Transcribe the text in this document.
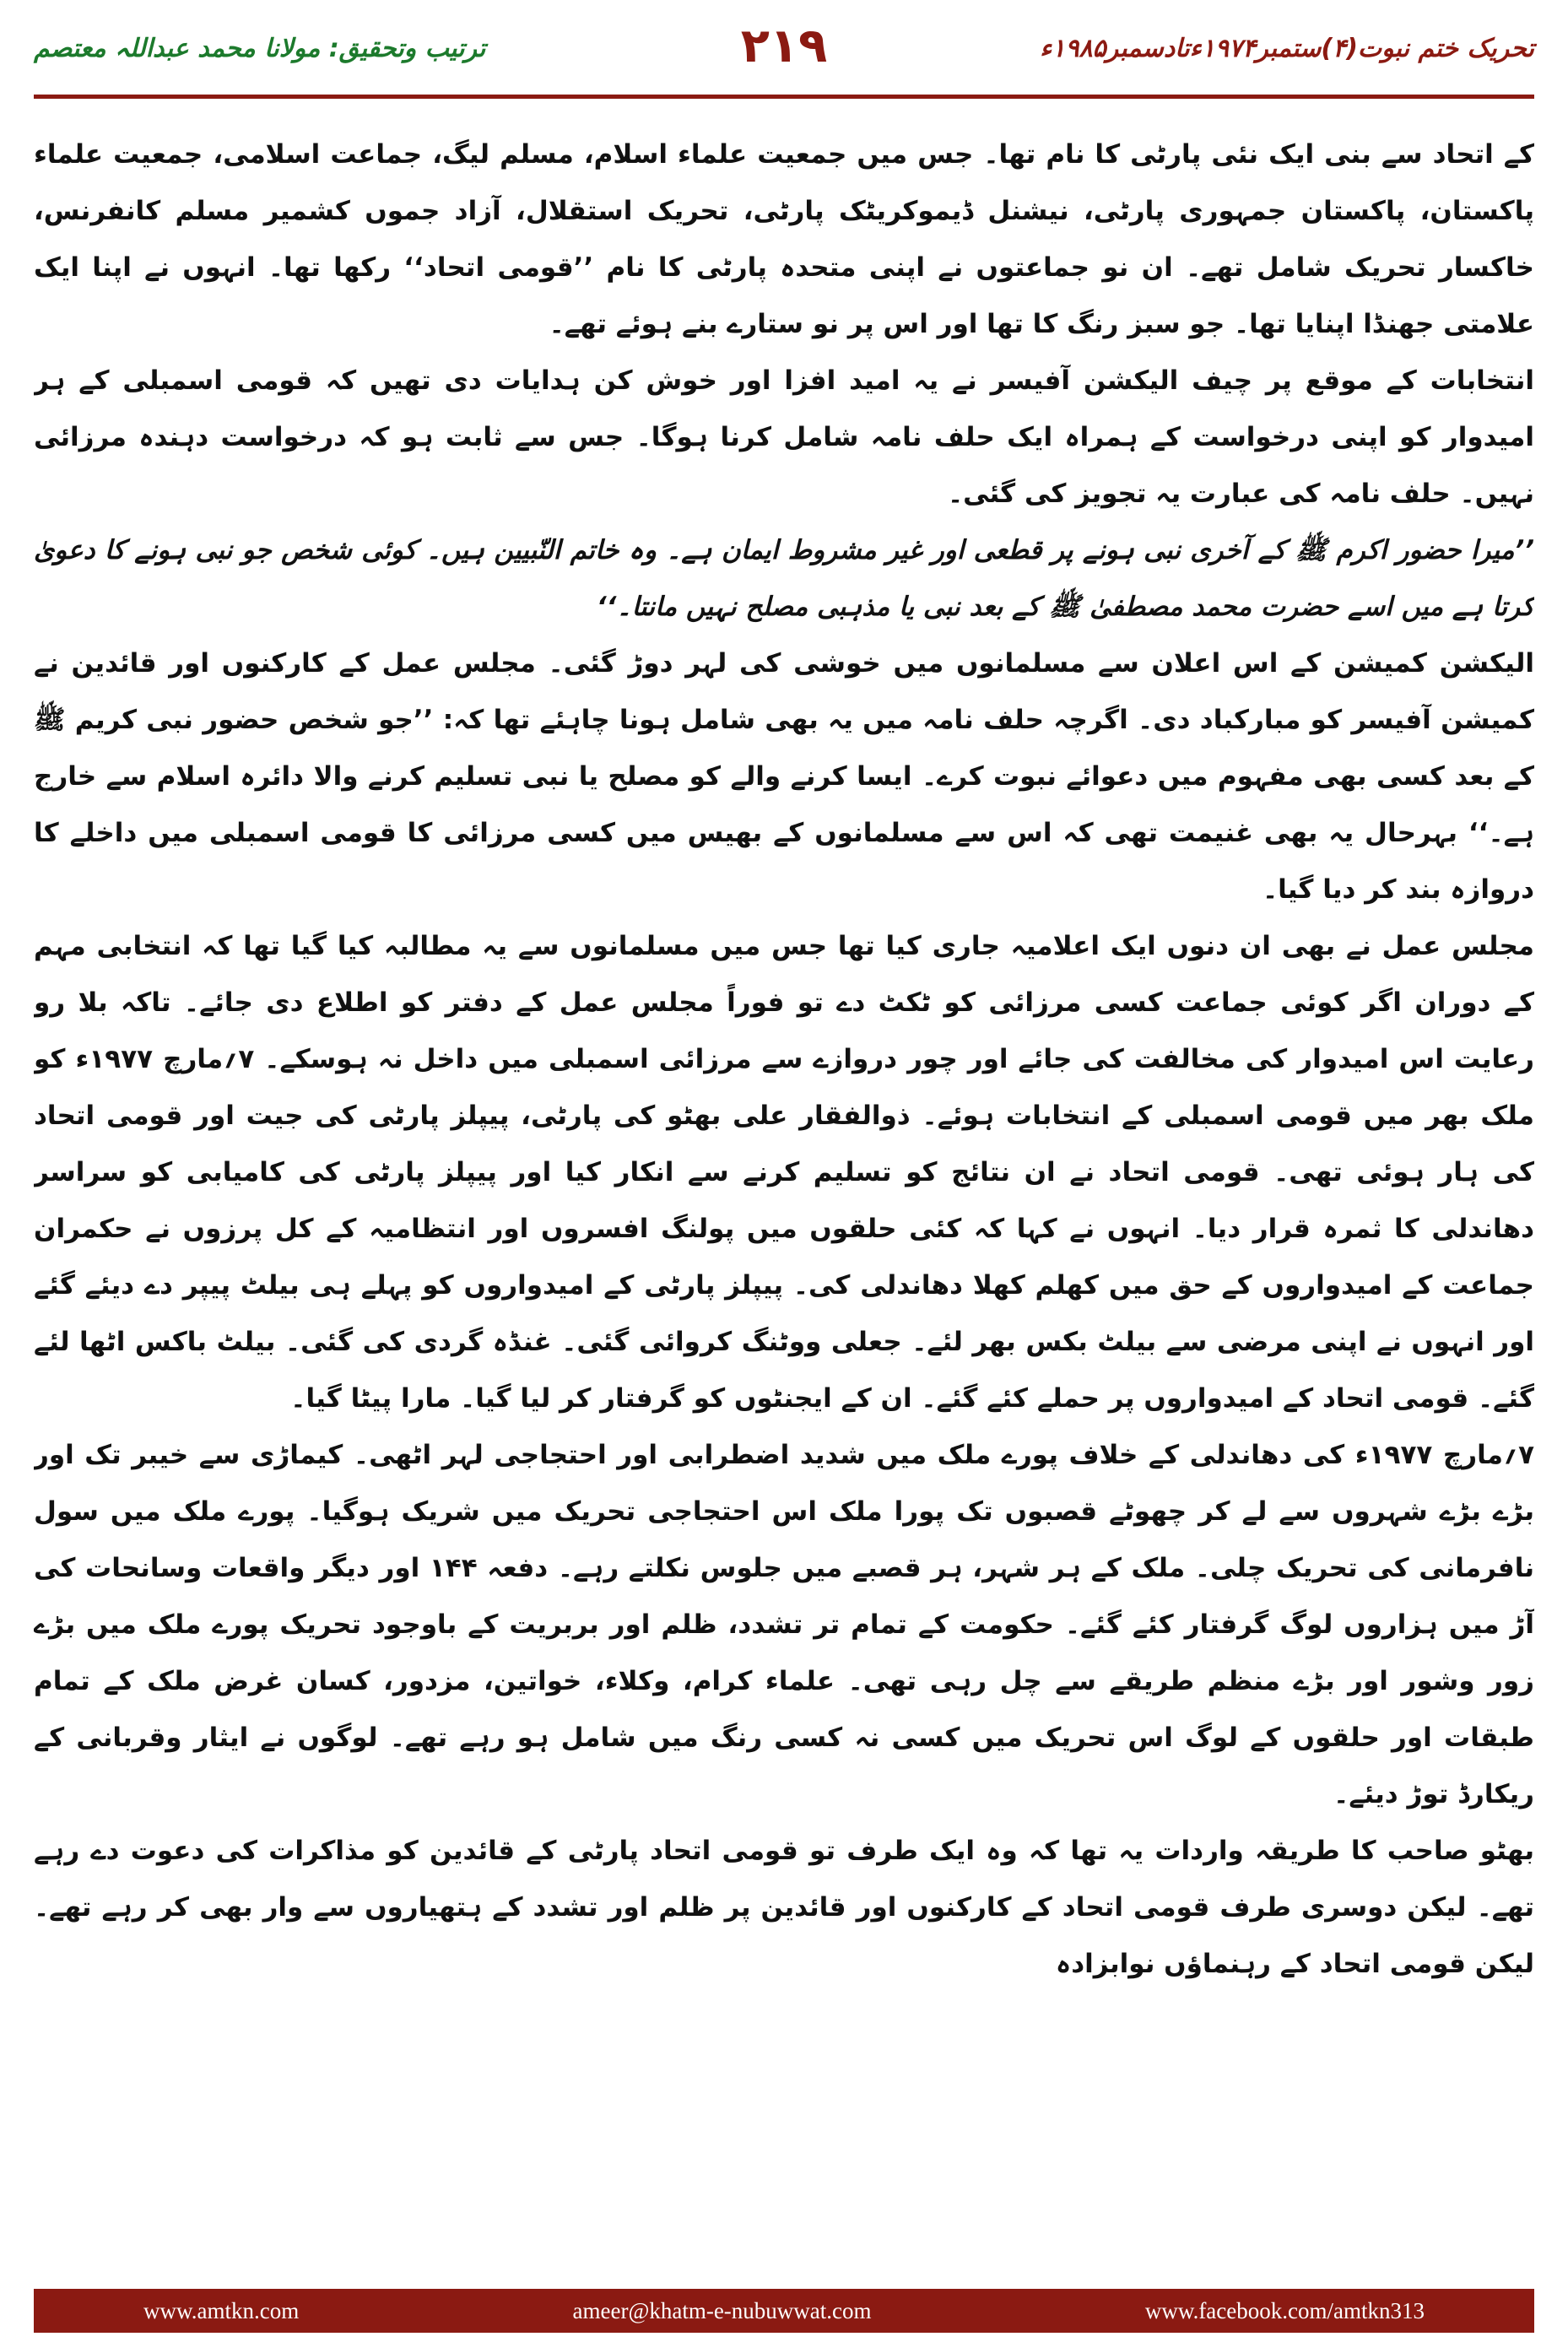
تحریک ختم نبوت(۴)ستمبر۱۹۷۴ءتادسمبر۱۹۸۵ء
۲۱۹
ترتیب وتحقیق: مولانا محمد عبداللہ معتصم

کے اتحاد سے بنی ایک نئی پارٹی کا نام تھا۔ جس میں جمعیت علماء اسلام، مسلم لیگ، جماعت اسلامی، جمعیت علماء پاکستان، پاکستان جمہوری پارٹی، نیشنل ڈیموکریٹک پارٹی، تحریک استقلال، آزاد جموں کشمیر مسلم کانفرنس، خاکسار تحریک شامل تھے۔ ان نو جماعتوں نے اپنی متحدہ پارٹی کا نام ’’قومی اتحاد‘‘ رکھا تھا۔ انہوں نے اپنا ایک علامتی جھنڈا اپنایا تھا۔ جو سبز رنگ کا تھا اور اس پر نو ستارے بنے ہوئے تھے۔

انتخابات کے موقع پر چیف الیکشن آفیسر نے یہ امید افزا اور خوش کن ہدایات دی تھیں کہ قومی اسمبلی کے ہر امیدوار کو اپنی درخواست کے ہمراہ ایک حلف نامہ شامل کرنا ہوگا۔ جس سے ثابت ہو کہ درخواست دہندہ مرزائی نہیں۔ حلف نامہ کی عبارت یہ تجویز کی گئی۔

’’میرا حضور اکرم ﷺ کے آخری نبی ہونے پر قطعی اور غیر مشروط ایمان ہے۔ وہ خاتم النّبیین ہیں۔ کوئی شخص جو نبی ہونے کا دعویٰ کرتا ہے میں اسے حضرت محمد مصطفیٰ ﷺ کے بعد نبی یا مذہبی مصلح نہیں مانتا۔‘‘

الیکشن کمیشن کے اس اعلان سے مسلمانوں میں خوشی کی لہر دوڑ گئی۔ مجلس عمل کے کارکنوں اور قائدین نے کمیشن آفیسر کو مبارکباد دی۔ اگرچہ حلف نامہ میں یہ بھی شامل ہونا چاہئے تھا کہ: ’’جو شخص حضور نبی کریم ﷺ کے بعد کسی بھی مفہوم میں دعوائے نبوت کرے۔ ایسا کرنے والے کو مصلح یا نبی تسلیم کرنے والا دائرہ اسلام سے خارج ہے۔‘‘ بہرحال یہ بھی غنیمت تھی کہ اس سے مسلمانوں کے بھیس میں کسی مرزائی کا قومی اسمبلی میں داخلے کا دروازہ بند کر دیا گیا۔

مجلس عمل نے بھی ان دنوں ایک اعلامیہ جاری کیا تھا جس میں مسلمانوں سے یہ مطالبہ کیا گیا تھا کہ انتخابی مہم کے دوران اگر کوئی جماعت کسی مرزائی کو ٹکٹ دے تو فوراً مجلس عمل کے دفتر کو اطلاع دی جائے۔ تاکہ بلا رو رعایت اس امیدوار کی مخالفت کی جائے اور چور دروازے سے مرزائی اسمبلی میں داخل نہ ہوسکے۔ ۷؍مارچ ۱۹۷۷ء کو ملک بھر میں قومی اسمبلی کے انتخابات ہوئے۔ ذوالفقار علی بھٹو کی پارٹی، پیپلز پارٹی کی جیت اور قومی اتحاد کی ہار ہوئی تھی۔ قومی اتحاد نے ان نتائج کو تسلیم کرنے سے انکار کیا اور پیپلز پارٹی کی کامیابی کو سراسر دھاندلی کا ثمرہ قرار دیا۔ انہوں نے کہا کہ کئی حلقوں میں پولنگ افسروں اور انتظامیہ کے کل پرزوں نے حکمران جماعت کے امیدواروں کے حق میں کھلم کھلا دھاندلی کی۔ پیپلز پارٹی کے امیدواروں کو پہلے ہی بیلٹ پیپر دے دیئے گئے اور انہوں نے اپنی مرضی سے بیلٹ بکس بھر لئے۔ جعلی ووٹنگ کروائی گئی۔ غنڈہ گردی کی گئی۔ بیلٹ باکس اٹھا لئے گئے۔ قومی اتحاد کے امیدواروں پر حملے کئے گئے۔ ان کے ایجنٹوں کو گرفتار کر لیا گیا۔ مارا پیٹا گیا۔

۷؍مارچ ۱۹۷۷ء کی دھاندلی کے خلاف پورے ملک میں شدید اضطرابی اور احتجاجی لہر اٹھی۔ کیماڑی سے خیبر تک اور بڑے بڑے شہروں سے لے کر چھوٹے قصبوں تک پورا ملک اس احتجاجی تحریک میں شریک ہوگیا۔ پورے ملک میں سول نافرمانی کی تحریک چلی۔ ملک کے ہر شہر، ہر قصبے میں جلوس نکلتے رہے۔ دفعہ ۱۴۴ اور دیگر واقعات وسانحات کی آڑ میں ہزاروں لوگ گرفتار کئے گئے۔ حکومت کے تمام تر تشدد، ظلم اور بربریت کے باوجود تحریک پورے ملک میں بڑے زور وشور اور بڑے منظم طریقے سے چل رہی تھی۔ علماء کرام، وکلاء، خواتین، مزدور، کسان غرض ملک کے تمام طبقات اور حلقوں کے لوگ اس تحریک میں کسی نہ کسی رنگ میں شامل ہو رہے تھے۔ لوگوں نے ایثار وقربانی کے ریکارڈ توڑ دیئے۔

بھٹو صاحب کا طریقہ واردات یہ تھا کہ وہ ایک طرف تو قومی اتحاد پارٹی کے قائدین کو مذاکرات کی دعوت دے رہے تھے۔ لیکن دوسری طرف قومی اتحاد کے کارکنوں اور قائدین پر ظلم اور تشدد کے ہتھیاروں سے وار بھی کر رہے تھے۔ لیکن قومی اتحاد کے رہنماؤں نوابزادہ

www.amtkn.com	ameer@khatm-e-nubuwwat.com	www.facebook.com/amtkn313
